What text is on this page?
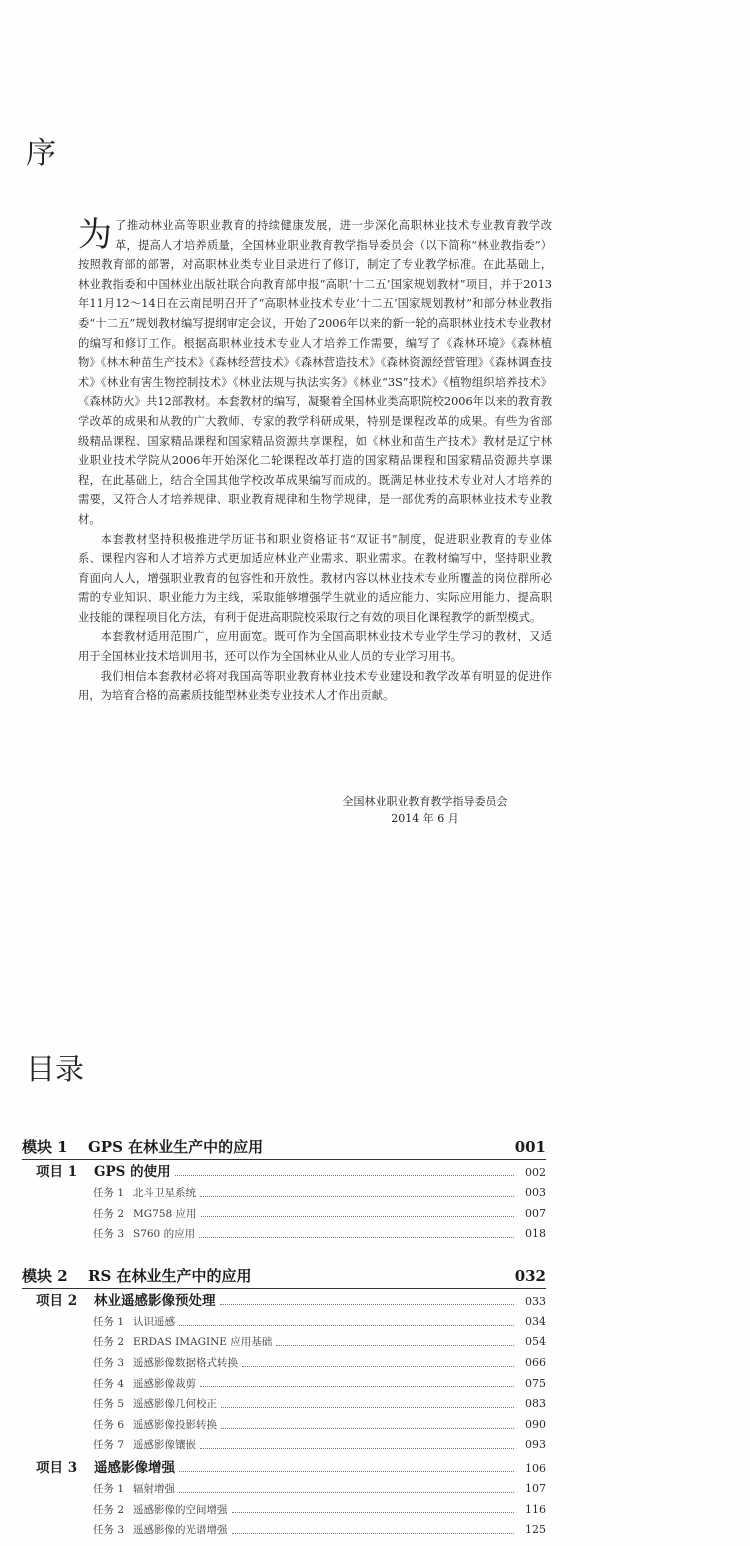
序

为了推动林业高等职业教育的持续健康发展，进一步深化高职林业技术专业教育教学改革，提高人才培养质量，全国林业职业教育教学指导委员会（以下简称“林业教指委”）按照教育部的部署，对高职林业类专业目录进行了修订，制定了专业教学标准。在此基础上，林业教指委和中国林业出版社联合向教育部申报“高职‘十二五’国家规划教材”项目，并于2013年11月12～14日在云南昆明召开了“高职林业技术专业‘十二五’国家规划教材”和部分林业教指委“十二五”规划教材编写提纲审定会议，开始了2006年以来的新一轮的高职林业技术专业教材的编写和修订工作。根据高职林业技术专业人才培养工作需要，编写了《森林环境》《森林植物》《林木种苗生产技术》《森林经营技术》《森林营造技术》《森林资源经营管理》《森林调查技术》《林业有害生物控制技术》《林业法规与执法实务》《林业“3S”技术》《植物组织培养技术》《森林防火》共12部教材。本套教材的编写，凝聚着全国林业类高职院校2006年以来的教育教学改革的成果和从教的广大教师、专家的教学科研成果，特别是课程改革的成果。有些为省部级精品课程、国家精品课程和国家精品资源共享课程，如《林业和苗生产技术》教材是辽宁林业职业技术学院从2006年开始深化二轮课程改革打造的国家精品课程和国家精品资源共享课程，在此基础上，结合全国其他学校改革成果编写而成的。既满足林业技术专业对人才培养的需要，又符合人才培养规律、职业教育规律和生物学规律，是一部优秀的高职林业技术专业教材。

本套教材坚持积极推进学历证书和职业资格证书“双证书”制度，促进职业教育的专业体系、课程内容和人才培养方式更加适应林业产业需求、职业需求。在教材编写中，坚持职业教育面向人人，增强职业教育的包容性和开放性。教材内容以林业技术专业所覆盖的岗位群所必需的专业知识、职业能力为主线，采取能够增强学生就业的适应能力、实际应用能力、提高职业技能的课程项目化方法，有利于促进高职院校采取行之有效的项目化课程教学的新型模式。

本套教材适用范围广，应用面宽。既可作为全国高职林业技术专业学生学习的教材，又适用于全国林业技术培训用书，还可以作为全国林业从业人员的专业学习用书。

我们相信本套教材必将对我国高等职业教育林业技术专业建设和教学改革有明显的促进作用，为培育合格的高素质技能型林业类专业技术人才作出贡献。

全国林业职业教育教学指导委员会
2014 年 6 月
目录
模块 1	GPS 在林业生产中的应用	001
项目 1	GPS 的使用	002
任务 1 北斗卫星系统	003
任务 2 MG758 应用	007
任务 3 S760 的应用	018
模块 2	RS 在林业生产中的应用	032
项目 2	林业遥感影像预处理	033
任务 1 认识遥感	034
任务 2 ERDAS IMAGINE 应用基础	054
任务 3 遥感影像数据格式转换	066
任务 4 遥感影像裁剪	075
任务 5 遥感影像几何校正	083
任务 6 遥感影像投影转换	090
任务 7 遥感影像镶嵌	093
项目 3	遥感影像增强	106
任务 1 辐射增强	107
任务 2 遥感影像的空间增强	116
任务 3 遥感影像的光谱增强	125
